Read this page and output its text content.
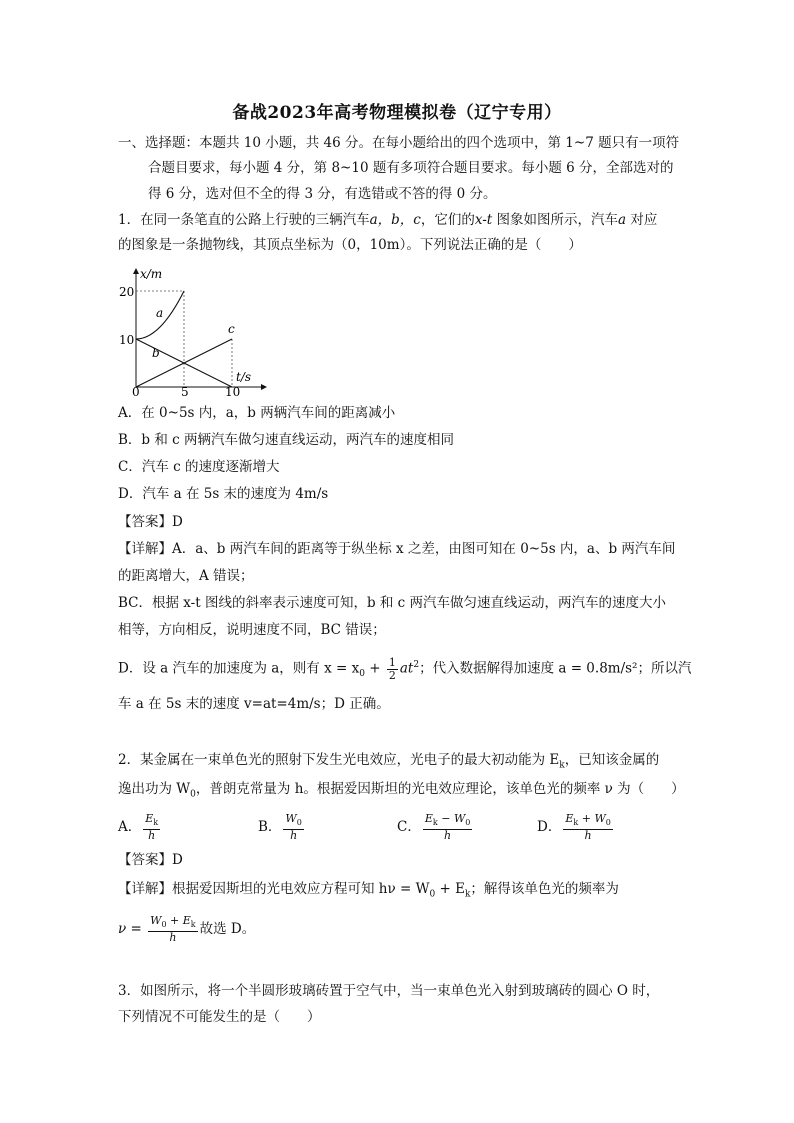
备战2023年高考物理模拟卷（辽宁专用）
一、选择题：本题共 10 小题，共 46 分。在每小题给出的四个选项中，第 1~7 题只有一项符
合题目要求，每小题 4 分，第 8~10 题有多项符合题目要求。每小题 6 分，全部选对的
得 6 分，选对但不全的得 3 分，有选错或不答的得 0 分。
1．在同一条笔直的公路上行驶的三辆汽车a，b，c，它们的x-t 图象如图所示，汽车a 对应
的图象是一条抛物线，其顶点坐标为（0，10m）。下列说法正确的是（　　）
x/m
t/s
20
10
0	5	10
a
b
c
A．在 0~5s 内，a，b 两辆汽车间的距离减小
B．b 和 c 两辆汽车做匀速直线运动，两汽车的速度相同
C．汽车 c 的速度逐渐增大
D．汽车 a 在 5s 末的速度为 4m/s
【答案】D
【详解】A．a、b 两汽车间的距离等于纵坐标 x 之差，由图可知在 0~5s 内，a、b 两汽车间
的距离增大，A 错误；
BC．根据 x-t 图线的斜率表示速度可知，b 和 c 两汽车做匀速直线运动，两汽车的速度大小
相等，方向相反，说明速度不同，BC 错误；
D．设 a 汽车的加速度为 a，则有 $x = x_0 + \frac{1}{2} at^2$；代入数据解得加速度 a = 0.8m/s²；所以汽
车 a 在 5s 末的速度 v=at=4m/s；D 正确。
2．某金属在一束单色光的照射下发生光电效应，光电子的最大初动能为 $E_k$，已知该金属的
逸出功为 $W_0$，普朗克常量为 h。根据爱因斯坦的光电效应理论，该单色光的频率 ν 为（　　）
A． $\frac{E_k}{h}$	B． $\frac{W_0}{h}$	C． $\frac{E_k - W_0}{h}$	D． $\frac{E_k + W_0}{h}$
【答案】D
【详解】根据爱因斯坦的光电效应方程可知 $h\nu = W_0 + E_k$；解得该单色光的频率为
$\nu = \frac{W_0 + E_k}{h}$ 故选 D。
3．如图所示，将一个半圆形玻璃砖置于空气中，当一束单色光入射到玻璃砖的圆心 O 时，
下列情况不可能发生的是（　　）
